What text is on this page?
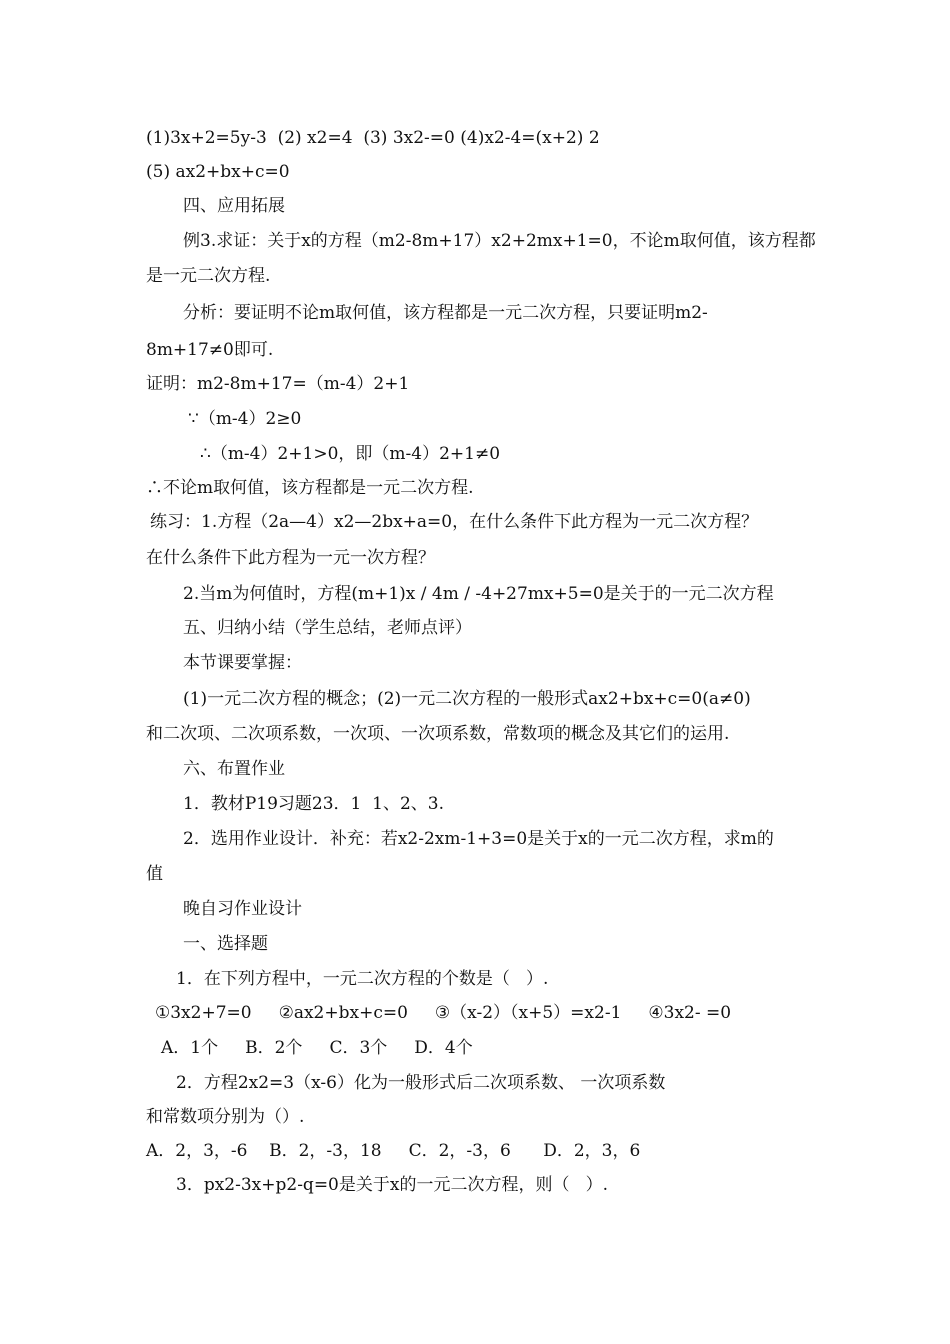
(1)3x+2=5y-3  (2) x2=4  (3) 3x2-=0 (4)x2-4=(x+2) 2
(5) ax2+bx+c=0
四、应用拓展
例3.求证：关于x的方程（m2-8m+17）x2+2mx+1=0，不论m取何值，该方程都
是一元二次方程.
分析：要证明不论m取何值，该方程都是一元二次方程，只要证明m2-
8m+17≠0即可.
证明：m2-8m+17=（m-4）2+1
∵（m-4）2≥0
∴（m-4）2+1>0，即（m-4）2+1≠0
∴不论m取何值，该方程都是一元二次方程.
练习：1.方程（2a—4）x2—2bx+a=0，在什么条件下此方程为一元二次方程？
在什么条件下此方程为一元一次方程？
2.当m为何值时，方程(m+1)x / 4m / -4+27mx+5=0是关于的一元二次方程
五、归纳小结（学生总结，老师点评）
本节课要掌握：
(1)一元二次方程的概念；(2)一元二次方程的一般形式ax2+bx+c=0(a≠0)
和二次项、二次项系数，一次项、一次项系数，常数项的概念及其它们的运用.
六、布置作业
1．教材P19习题23．1  1、2、3.
2．选用作业设计．补充：若x2-2xm-1+3=0是关于x的一元二次方程，求m的
值
晚自习作业设计
一、选择题
1．在下列方程中，一元二次方程的个数是（   ）.
①3x2+7=0     ②ax2+bx+c=0     ③（x-2）（x+5）=x2-1     ④3x2- =0
A．1个     B．2个     C．3个     D．4个
2．方程2x2=3（x-6）化为一般形式后二次项系数、 一次项系数
和常数项分别为（）.
A．2，3，-6    B．2，-3，18     C．2，-3，6      D．2，3，6
3．px2-3x+p2-q=0是关于x的一元二次方程，则（   ）.
